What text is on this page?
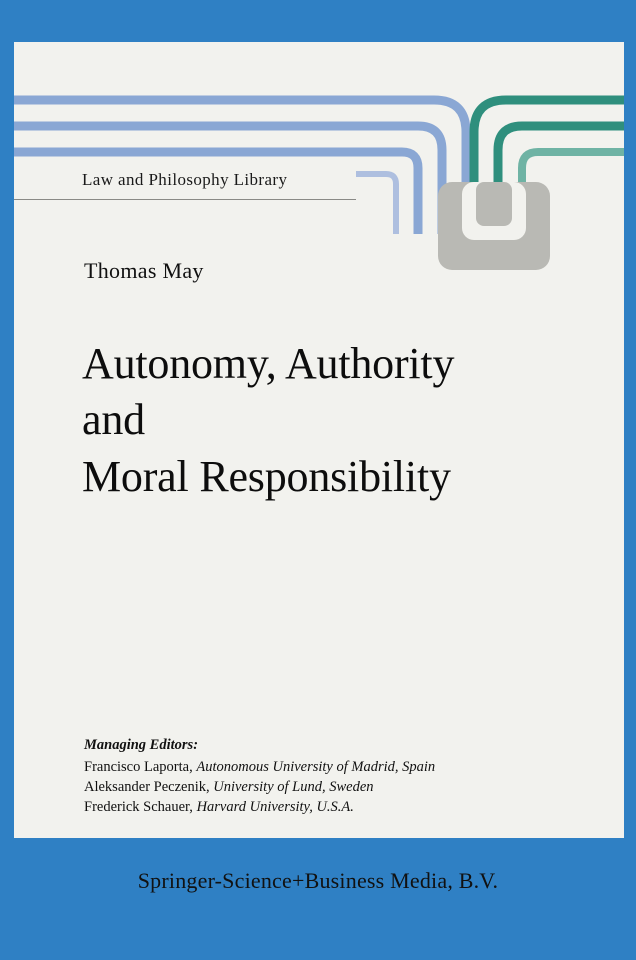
Law and Philosophy Library
Thomas May
Autonomy, Authority
and
Moral Responsibility
Managing Editors:
Francisco Laporta, Autonomous University of Madrid, Spain
Aleksander Peczenik, University of Lund, Sweden
Frederick Schauer, Harvard University, U.S.A.
Springer-Science+Business Media, B.V.
